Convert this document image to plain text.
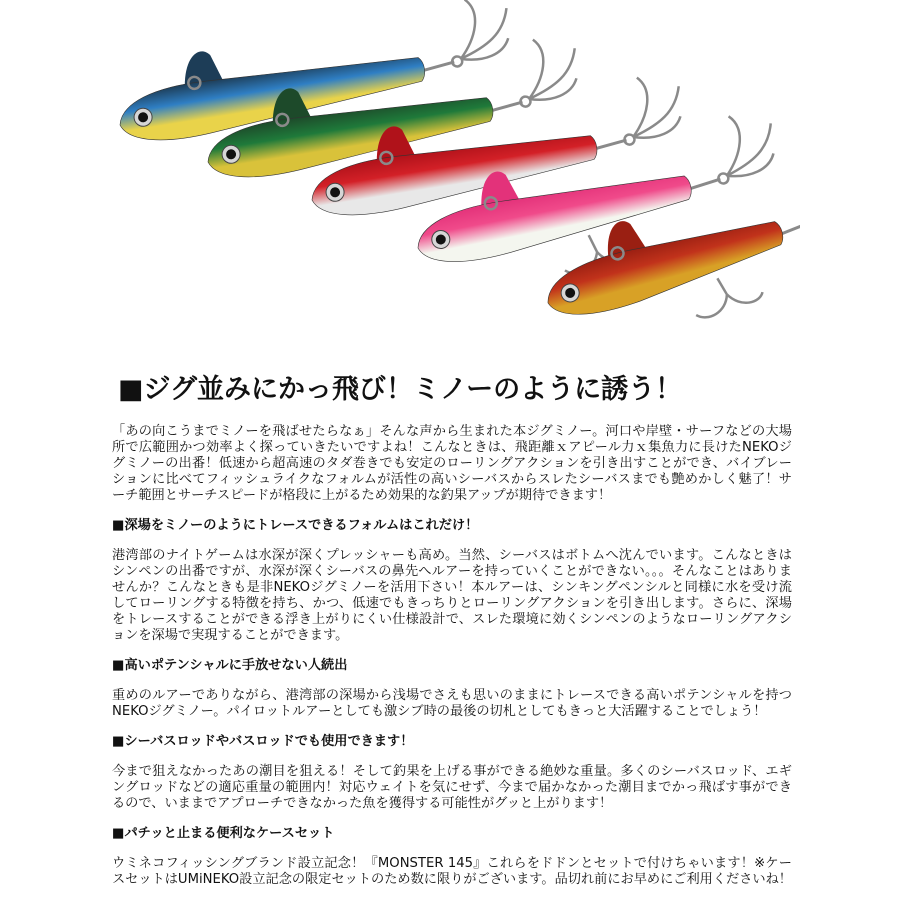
■ジグ並みにかっ飛び！ミノーのように誘う！

「あの向こうまでミノーを飛ばせたらなぁ」そんな声から生まれた本ジグミノー。河口や岸壁・サーフなどの大場所で広範囲かつ効率よく探っていきたいですよね！こんなときは、飛距離ｘアピール力ｘ集魚力に長けたNEKOジグミノーの出番！低速から超高速のタダ巻きでも安定のローリングアクションを引き出すことができ、バイブレーションに比べてフィッシュライクなフォルムが活性の高いシーバスからスレたシーバスまでも艶めかしく魅了！サーチ範囲とサーチスピードが格段に上がるため効果的な釣果アップが期待できます！

■深場をミノーのようにトレースできるフォルムはこれだけ！

港湾部のナイトゲームは水深が深くプレッシャーも高め。当然、シーバスはボトムへ沈んでいます。こんなときはシンペンの出番ですが、水深が深くシーバスの鼻先へルアーを持っていくことができない。。。そんなことはありませんか？こんなときも是非NEKOジグミノーを活用下さい！本ルアーは、シンキングペンシルと同様に水を受け流してローリングする特徴を持ち、かつ、低速でもきっちりとローリングアクションを引き出します。さらに、深場をトレースすることができる浮き上がりにくい仕様設計で、スレた環境に効くシンペンのようなローリングアクションを深場で実現することができます。

■高いポテンシャルに手放せない人続出

重めのルアーでありながら、港湾部の深場から浅場でさえも思いのままにトレースできる高いポテンシャルを持つNEKOジグミノー。パイロットルアーとしても激シブ時の最後の切札としてもきっと大活躍することでしょう！

■シーバスロッドやバスロッドでも使用できます！

今まで狙えなかったあの潮目を狙える！そして釣果を上げる事ができる絶妙な重量。多くのシーバスロッド、エギングロッドなどの適応重量の範囲内！対応ウェイトを気にせず、今まで届かなかった潮目までかっ飛ばす事ができるので、いままでアプローチできなかった魚を獲得する可能性がグッと上がります！

■パチッと止まる便利なケースセット

ウミネコフィッシングブランド設立記念！『MONSTER 145』これらをドドンとセットで付けちゃいます！※ケースセットはUMiNEKO設立記念の限定セットのため数に限りがございます。品切れ前にお早めにご利用くださいね！
